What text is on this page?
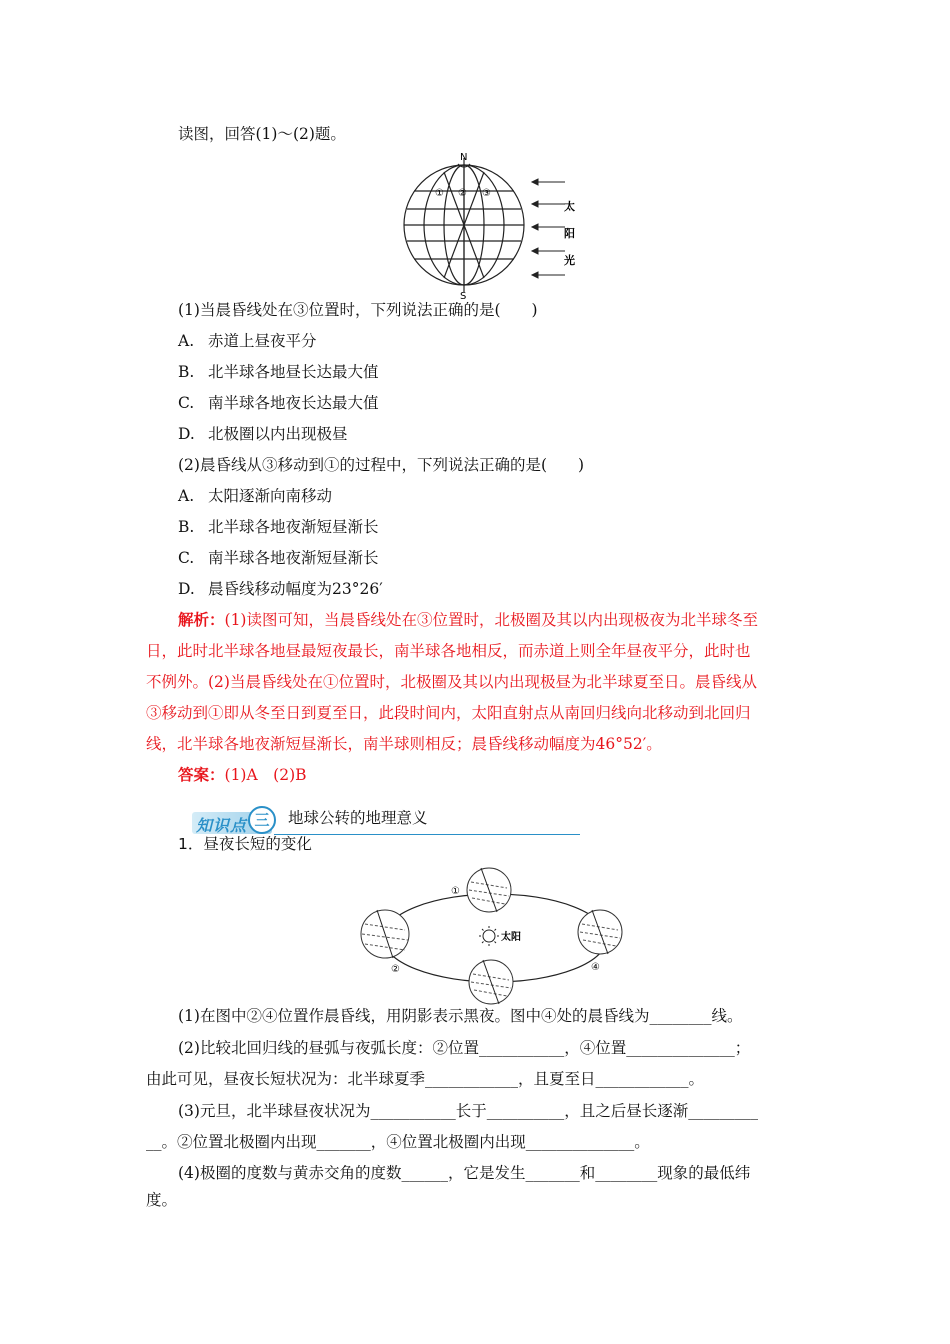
读图，回答(1)～(2)题。
N
S
① ② ③
太
阳
光
(1)当晨昏线处在③位置时，下列说法正确的是(　　)
A. 赤道上昼夜平分
B. 北半球各地昼长达最大值
C. 南半球各地夜长达最大值
D. 北极圈以内出现极昼
(2)晨昏线从③移动到①的过程中，下列说法正确的是(　　)
A. 太阳逐渐向南移动
B. 北半球各地夜渐短昼渐长
C. 南半球各地夜渐短昼渐长
D. 晨昏线移动幅度为23°26′
解析：(1)读图可知，当晨昏线处在③位置时，北极圈及其以内出现极夜为北半球冬至
日，此时北半球各地昼最短夜最长，南半球各地相反，而赤道上则全年昼夜平分，此时也
不例外。(2)当晨昏线处在①位置时，北极圈及其以内出现极昼为北半球夏至日。晨昏线从
③移动到①即从冬至日到夏至日，此段时间内，太阳直射点从南回归线向北移动到北回归
线，北半球各地夜渐短昼渐长，南半球则相反；晨昏线移动幅度为46°52′。
答案：(1)A　(2)B
知识点 三	地球公转的地理意义
1．昼夜长短的变化
太阳
①
②	④
(1)在图中②④位置作晨昏线，用阴影表示黑夜。图中④处的晨昏线为________线。
(2)比较北回归线的昼弧与夜弧长度：②位置___________，④位置______________；
由此可见，昼夜长短状况为：北半球夏季____________，且夏至日____________。
(3)元旦，北半球昼夜状况为___________长于__________，且之后昼长逐渐_________
__。②位置北极圈内出现_______，④位置北极圈内出现______________。
(4)极圈的度数与黄赤交角的度数______，它是发生_______和________现象的最低纬
度。
